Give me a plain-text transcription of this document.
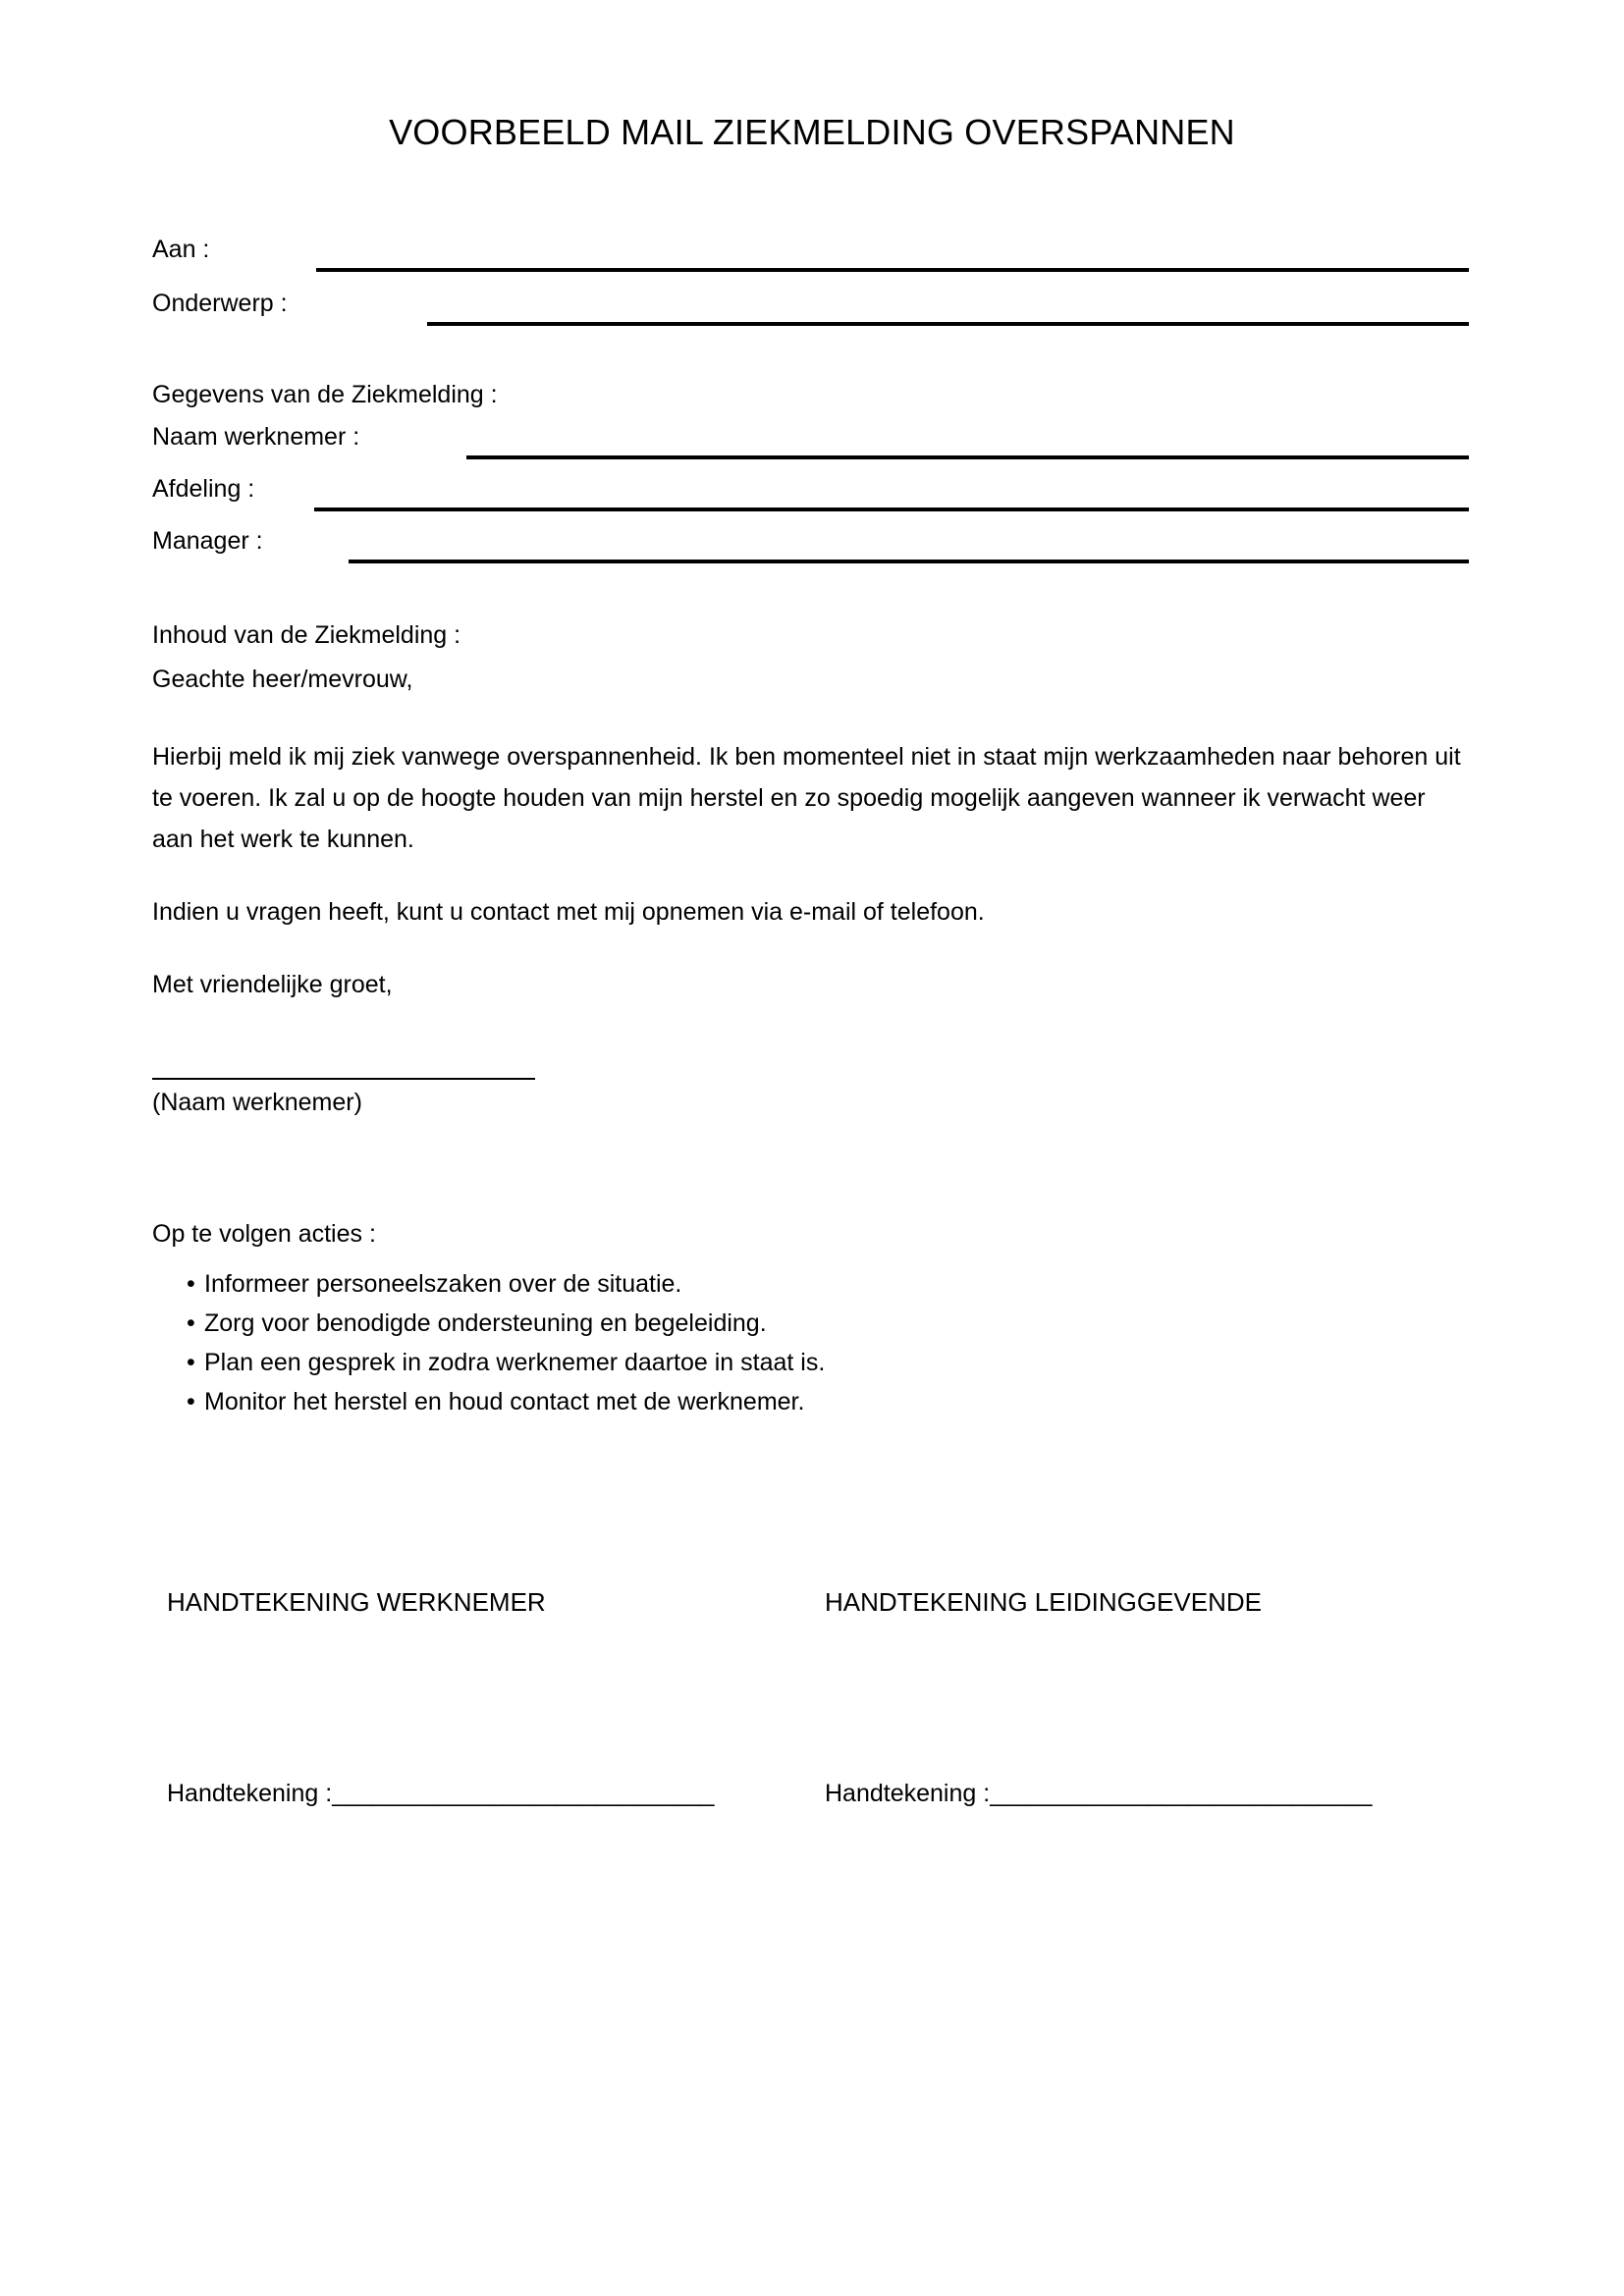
VOORBEELD MAIL ZIEKMELDING OVERSPANNEN
Aan :
Onderwerp :
Gegevens van de Ziekmelding :
Naam werknemer :
Afdeling :
Manager :
Inhoud van de Ziekmelding :
Geachte heer/mevrouw,
Hierbij meld ik mij ziek vanwege overspannenheid. Ik ben momenteel niet in staat mijn werkzaamheden naar behoren uit te voeren. Ik zal u op de hoogte houden van mijn herstel en zo spoedig mogelijk aangeven wanneer ik verwacht weer aan het werk te kunnen.
Indien u vragen heeft, kunt u contact met mij opnemen via e-mail of telefoon.
Met vriendelijke groet,
(Naam werknemer)
Op te volgen acties :
• Informeer personeelszaken over de situatie.
• Zorg voor benodigde ondersteuning en begeleiding.
• Plan een gesprek in zodra werknemer daartoe in staat is.
• Monitor het herstel en houd contact met de werknemer.
HANDTEKENING WERKNEMER	HANDTEKENING LEIDINGGEVENDE
Handtekening :_____________________________	Handtekening :_____________________________
